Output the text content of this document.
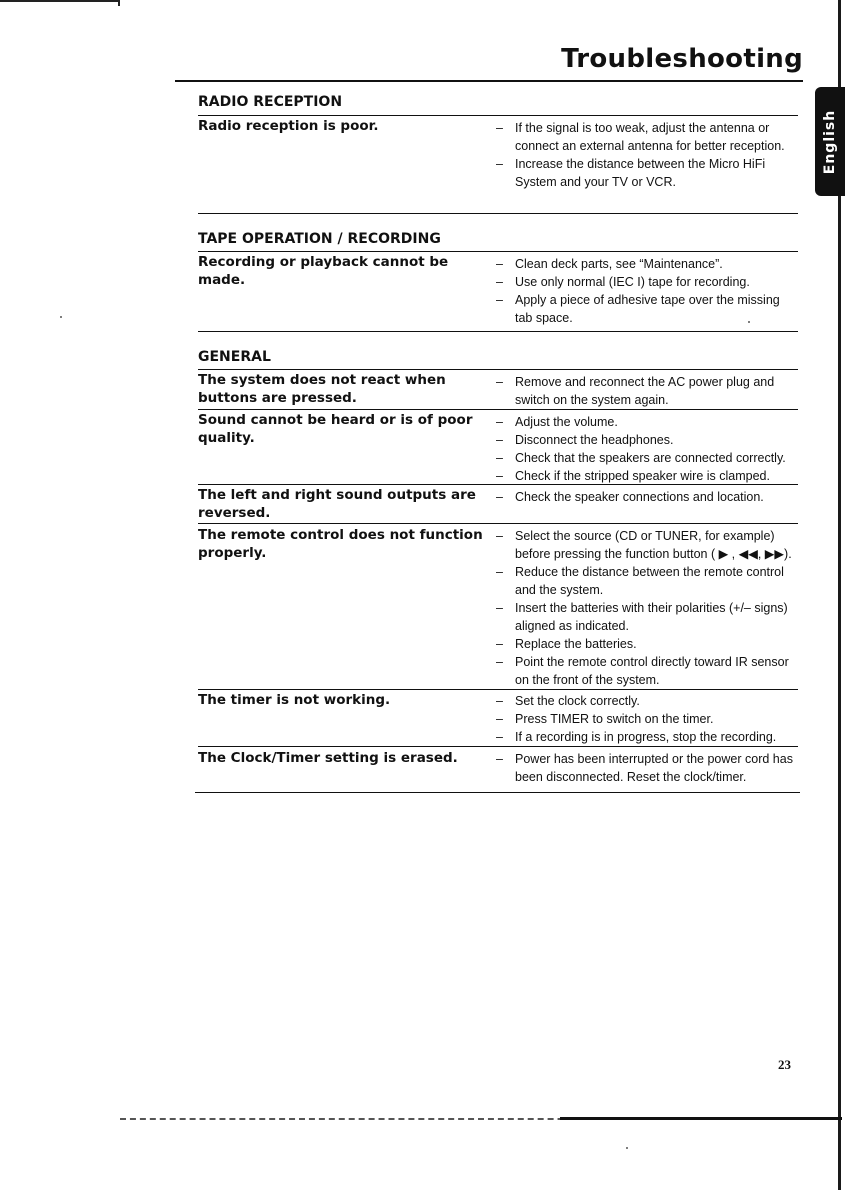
Troubleshooting
English
RADIO RECEPTION
Radio reception is poor.	– If the signal is too weak, adjust the antenna or connect an external antenna for better reception.
– Increase the distance between the Micro HiFi System and your TV or VCR.
TAPE OPERATION / RECORDING
Recording or playback cannot be made.
– Clean deck parts, see “Maintenance”.
– Use only normal (IEC I) tape for recording.
– Apply a piece of adhesive tape over the missing tab space.
GENERAL
The system does not react when buttons are pressed.
– Remove and reconnect the AC power plug and switch on the system again.
Sound cannot be heard or is of poor quality.
– Adjust the volume.
– Disconnect the headphones.
– Check that the speakers are connected correctly.
– Check if the stripped speaker wire is clamped.
The left and right sound outputs are reversed.
– Check the speaker connections and location.
The remote control does not function properly.
– Select the source (CD or TUNER, for example) before pressing the function button ( ▶ , ◀◀, ▶▶).
– Reduce the distance between the remote control and the system.
– Insert the batteries with their polarities (+/– signs) aligned as indicated.
– Replace the batteries.
– Point the remote control directly toward IR sensor on the front of the system.
The timer is not working.	– Set the clock correctly.
– Press TIMER to switch on the timer.
– If a recording is in progress, stop the recording.
The Clock/Timer setting is erased.	– Power has been interrupted or the power cord has been disconnected. Reset the clock/timer.
23
